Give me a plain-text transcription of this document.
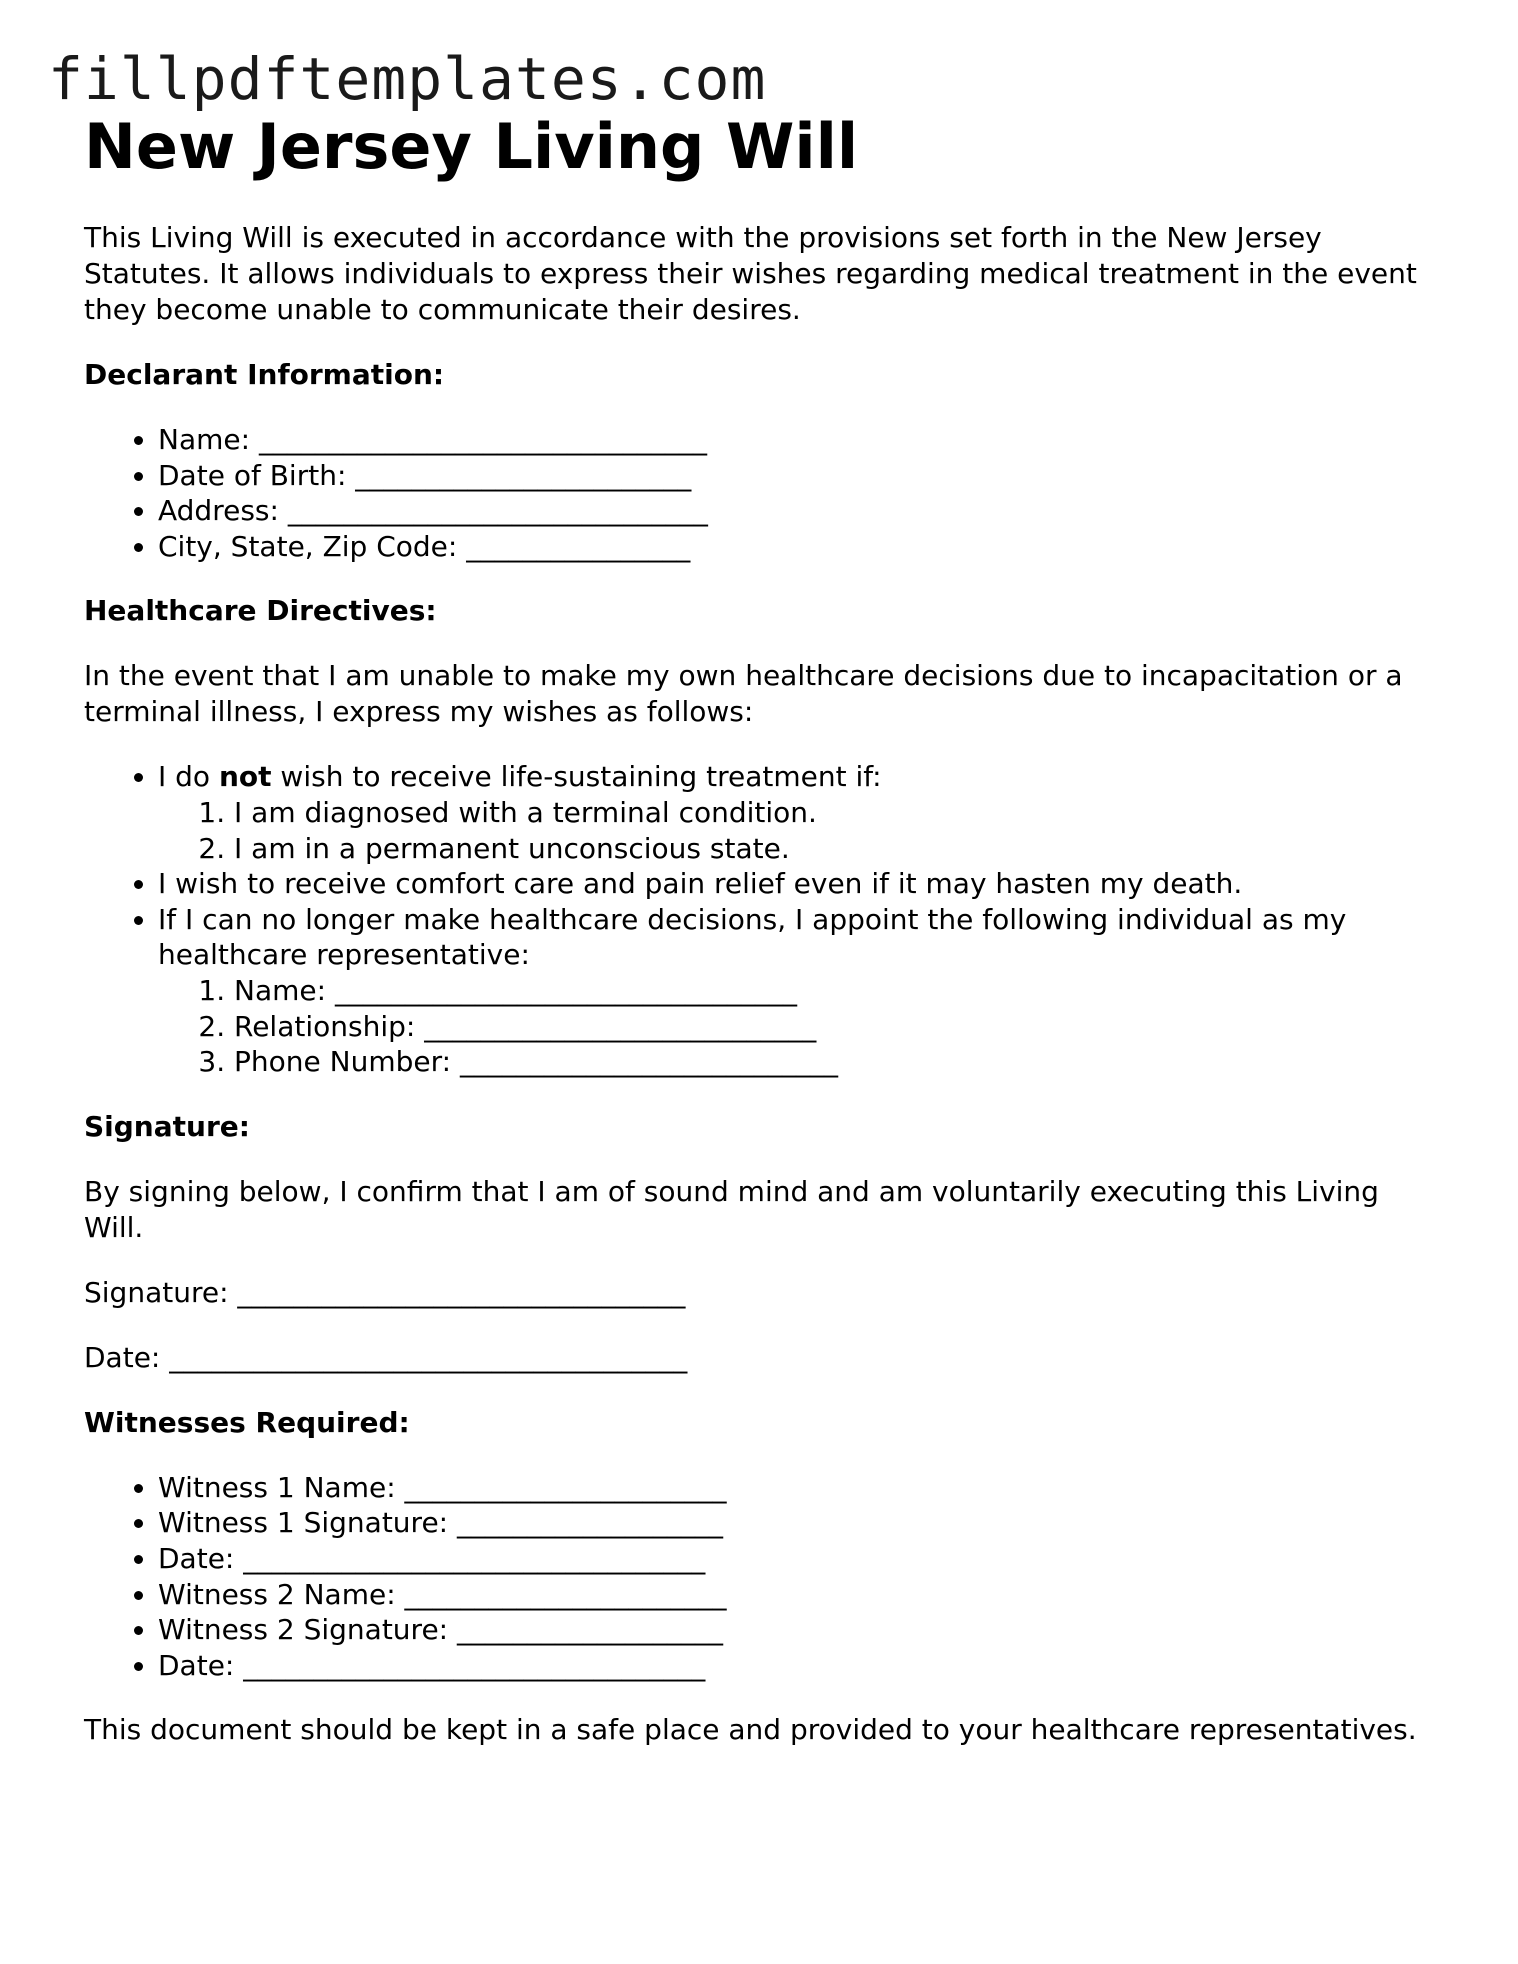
fillpdftemplates.com
New Jersey Living Will

This Living Will is executed in accordance with the provisions set forth in the New Jersey Statutes. It allows individuals to express their wishes regarding medical treatment in the event they become unable to communicate their desires.

Declarant Information:

• Name: ________________________________
• Date of Birth: ________________________
• Address: ______________________________
• City, State, Zip Code: ________________

Healthcare Directives:

In the event that I am unable to make my own healthcare decisions due to incapacitation or a terminal illness, I express my wishes as follows:

• I do not wish to receive life-sustaining treatment if:
1. I am diagnosed with a terminal condition.
2. I am in a permanent unconscious state.
• I wish to receive comfort care and pain relief even if it may hasten my death.
• If I can no longer make healthcare decisions, I appoint the following individual as my healthcare representative:
1. Name: _________________________________
2. Relationship: ____________________________
3. Phone Number: ___________________________

Signature:

By signing below, I confirm that I am of sound mind and am voluntarily executing this Living Will.

Signature: ________________________________

Date: _____________________________________

Witnesses Required:

• Witness 1 Name: _______________________
• Witness 1 Signature: ___________________
• Date: _________________________________
• Witness 2 Name: _______________________
• Witness 2 Signature: ___________________
• Date: _________________________________

This document should be kept in a safe place and provided to your healthcare representatives.
